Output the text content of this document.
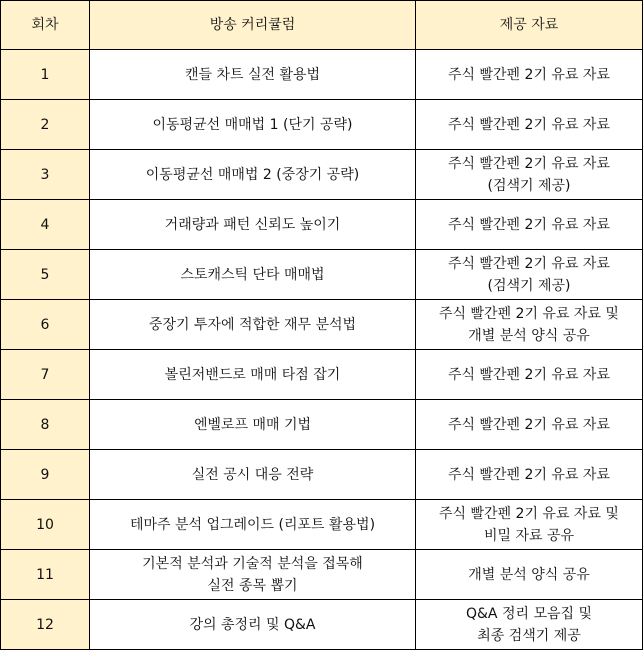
회차	방송 커리큘럼	제공 자료
1	캔들 차트 실전 활용법	주식 빨간펜 2기 유료 자료

2	이동평균선 매매법 1 (단기 공략)	주식 빨간펜 2기 유료 자료

3	이동평균선 매매법 2 (중장기 공략)	주식 빨간펜 2기 유료 자료
(검색기 제공)

4	거래량과 패턴 신뢰도 높이기	주식 빨간펜 2기 유료 자료

5	스토캐스틱 단타 매매법	주식 빨간펜 2기 유료 자료
(검색기 제공)

6	중장기 투자에 적합한 재무 분석법	주식 빨간펜 2기 유료 자료 및
개별 분석 양식 공유

7	볼린저밴드로 매매 타점 잡기	주식 빨간펜 2기 유료 자료

8	엔벨로프 매매 기법	주식 빨간펜 2기 유료 자료

9	실전 공시 대응 전략	주식 빨간펜 2기 유료 자료

10	테마주 분석 업그레이드 (리포트 활용법)	주식 빨간펜 2기 유료 자료 및
비밀 자료 공유

11	기본적 분석과 기술적 분석을 접목해
실전 종목 뽑기	개별 분석 양식 공유

12	강의 총정리 및 Q&A	Q&A 정리 모음집 및
최종 검색기 제공
